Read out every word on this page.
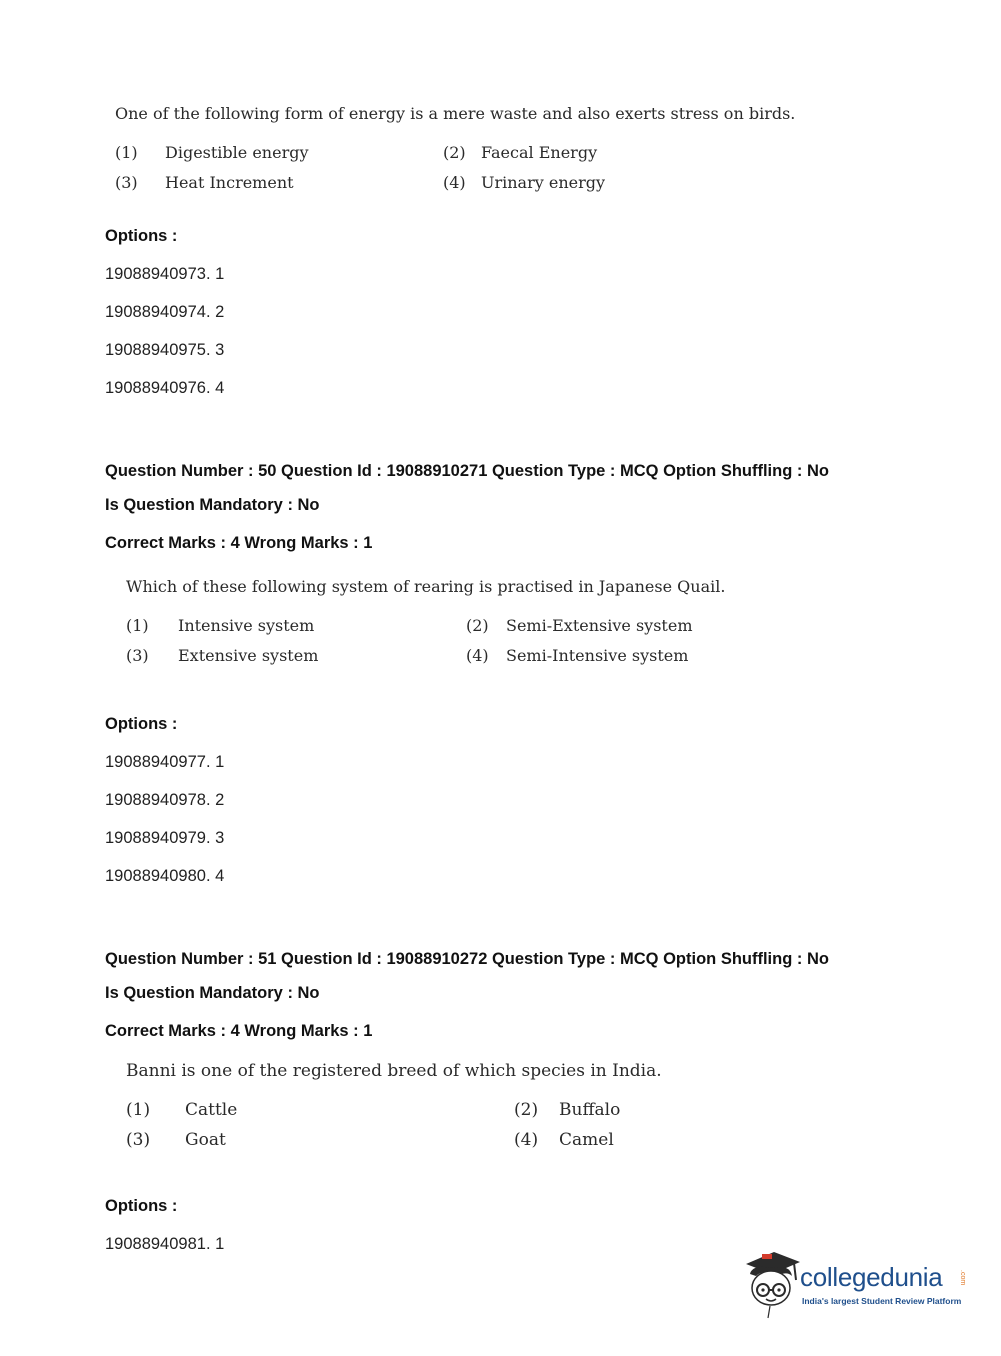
One of the following form of energy is a mere waste and also exerts stress on birds.
(1) Digestible energy	(2) Faecal Energy
(3) Heat Increment	(4) Urinary energy
Options :
19088940973. 1
19088940974. 2
19088940975. 3
19088940976. 4
Question Number : 50 Question Id : 19088910271 Question Type : MCQ Option Shuffling : No
Is Question Mandatory : No
Correct Marks : 4 Wrong Marks : 1
Which of these following system of rearing is practised in Japanese Quail.
(1) Intensive system	(2) Semi-Extensive system
(3) Extensive system	(4) Semi-Intensive system
Options :
19088940977. 1
19088940978. 2
19088940979. 3
19088940980. 4
Question Number : 51 Question Id : 19088910272 Question Type : MCQ Option Shuffling : No
Is Question Mandatory : No
Correct Marks : 4 Wrong Marks : 1
Banni is one of the registered breed of which species in India.
(1) Cattle	(2) Buffalo
(3) Goat	(4) Camel
Options :
19088940981. 1
collegedunia .com
India's largest Student Review Platform
